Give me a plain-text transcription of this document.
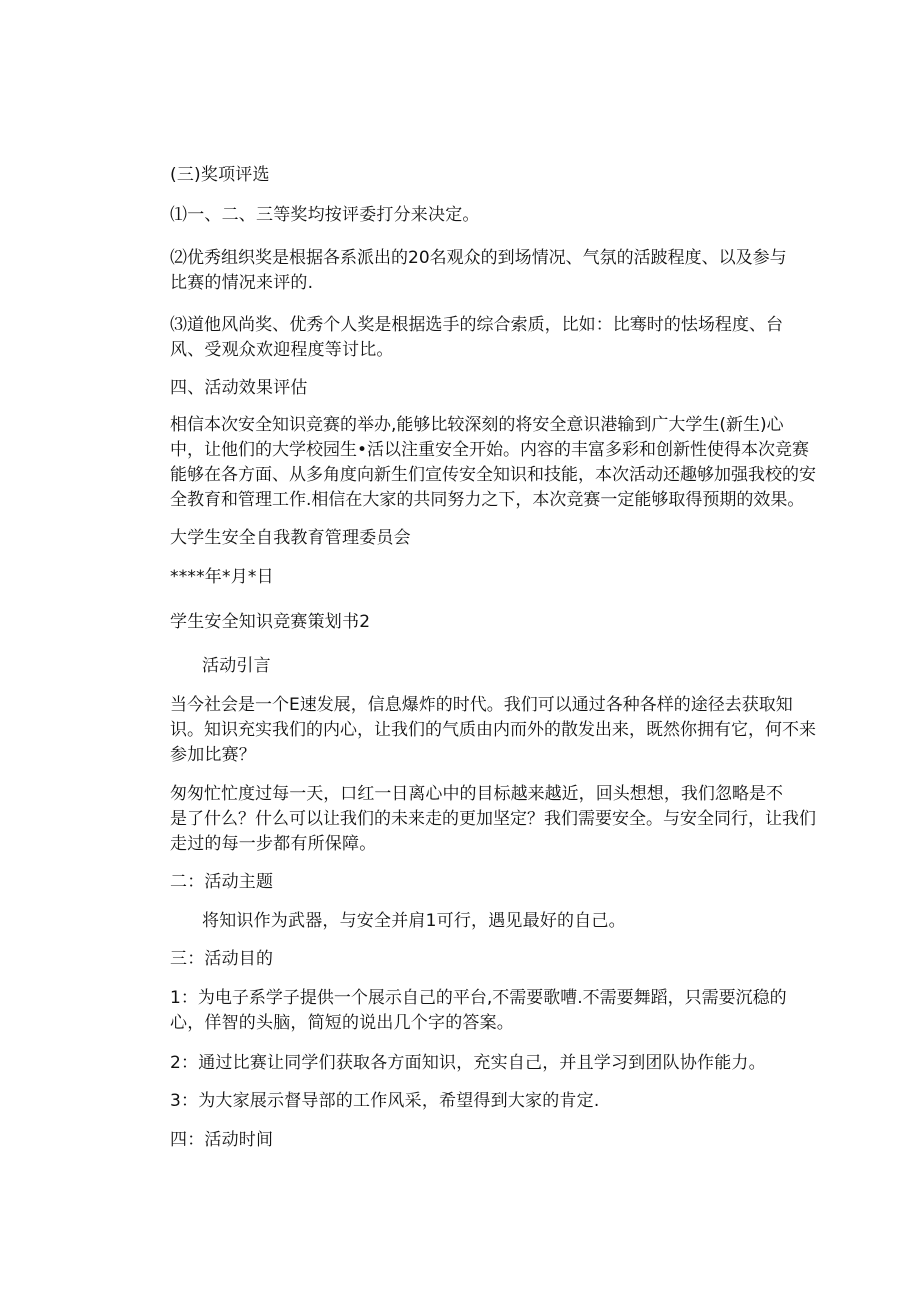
(三)奖项评选

⑴一、二、三等奖均按评委打分来决定。

⑵优秀组织奖是根据各系派出的20名观众的到场情况、气氛的活跛程度、以及参与

比赛的情况来评的.

⑶道他风尚奖、优秀个人奖是根据选手的综合索质，比如：比骞时的怯场程度、台

风、受观众欢迎程度等讨比。

四、活动效果评估

相信本次安全知识竞赛的举办,能够比较深刻的将安全意识港输到广大学生(新生)心

中，让他们的大学校园生•活以注重安全开始。内容的丰富多彩和创新性使得本次竞赛

能够在各方面、从多角度向新生们宣传安全知识和技能，本次活动还趣够加强我校的安

全教育和管理工作.相信在大家的共同努力之下，本次竞赛一定能够取得预期的效果。

大学生安全自我教育管理委员会

****年*月*日

学生安全知识竞赛策划书2

活动引言

当今社会是一个E速发展，信息爆炸的时代。我们可以通过各种各样的途径去获取知

识。知识充实我们的内心，让我们的气质由内而外的散发出来，既然你拥有它，何不来

参加比赛？

匆匆忙忙度过每一天，口红一日离心中的目标越来越近，回头想想，我们忽略是不

是了什么？什么可以让我们的未来走的更加坚定？我们需要安全。与安全同行，让我们

走过的每一步都有所保障。

二：活动主题

将知识作为武器，与安全并肩1可行，遇见最好的自己。

三：活动目的

1：为电子系学子提供一个展示自己的平台,不需要歌嘈.不需要舞蹈，只需要沉稳的

心，佯智的头脑，简短的说出几个字的答案。

2：通过比赛让同学们获取各方面知识，充实自己，并且学习到团队协作能力。

3：为大家展示督导部的工作风采，希望得到大家的肯定.

四：活动时间
